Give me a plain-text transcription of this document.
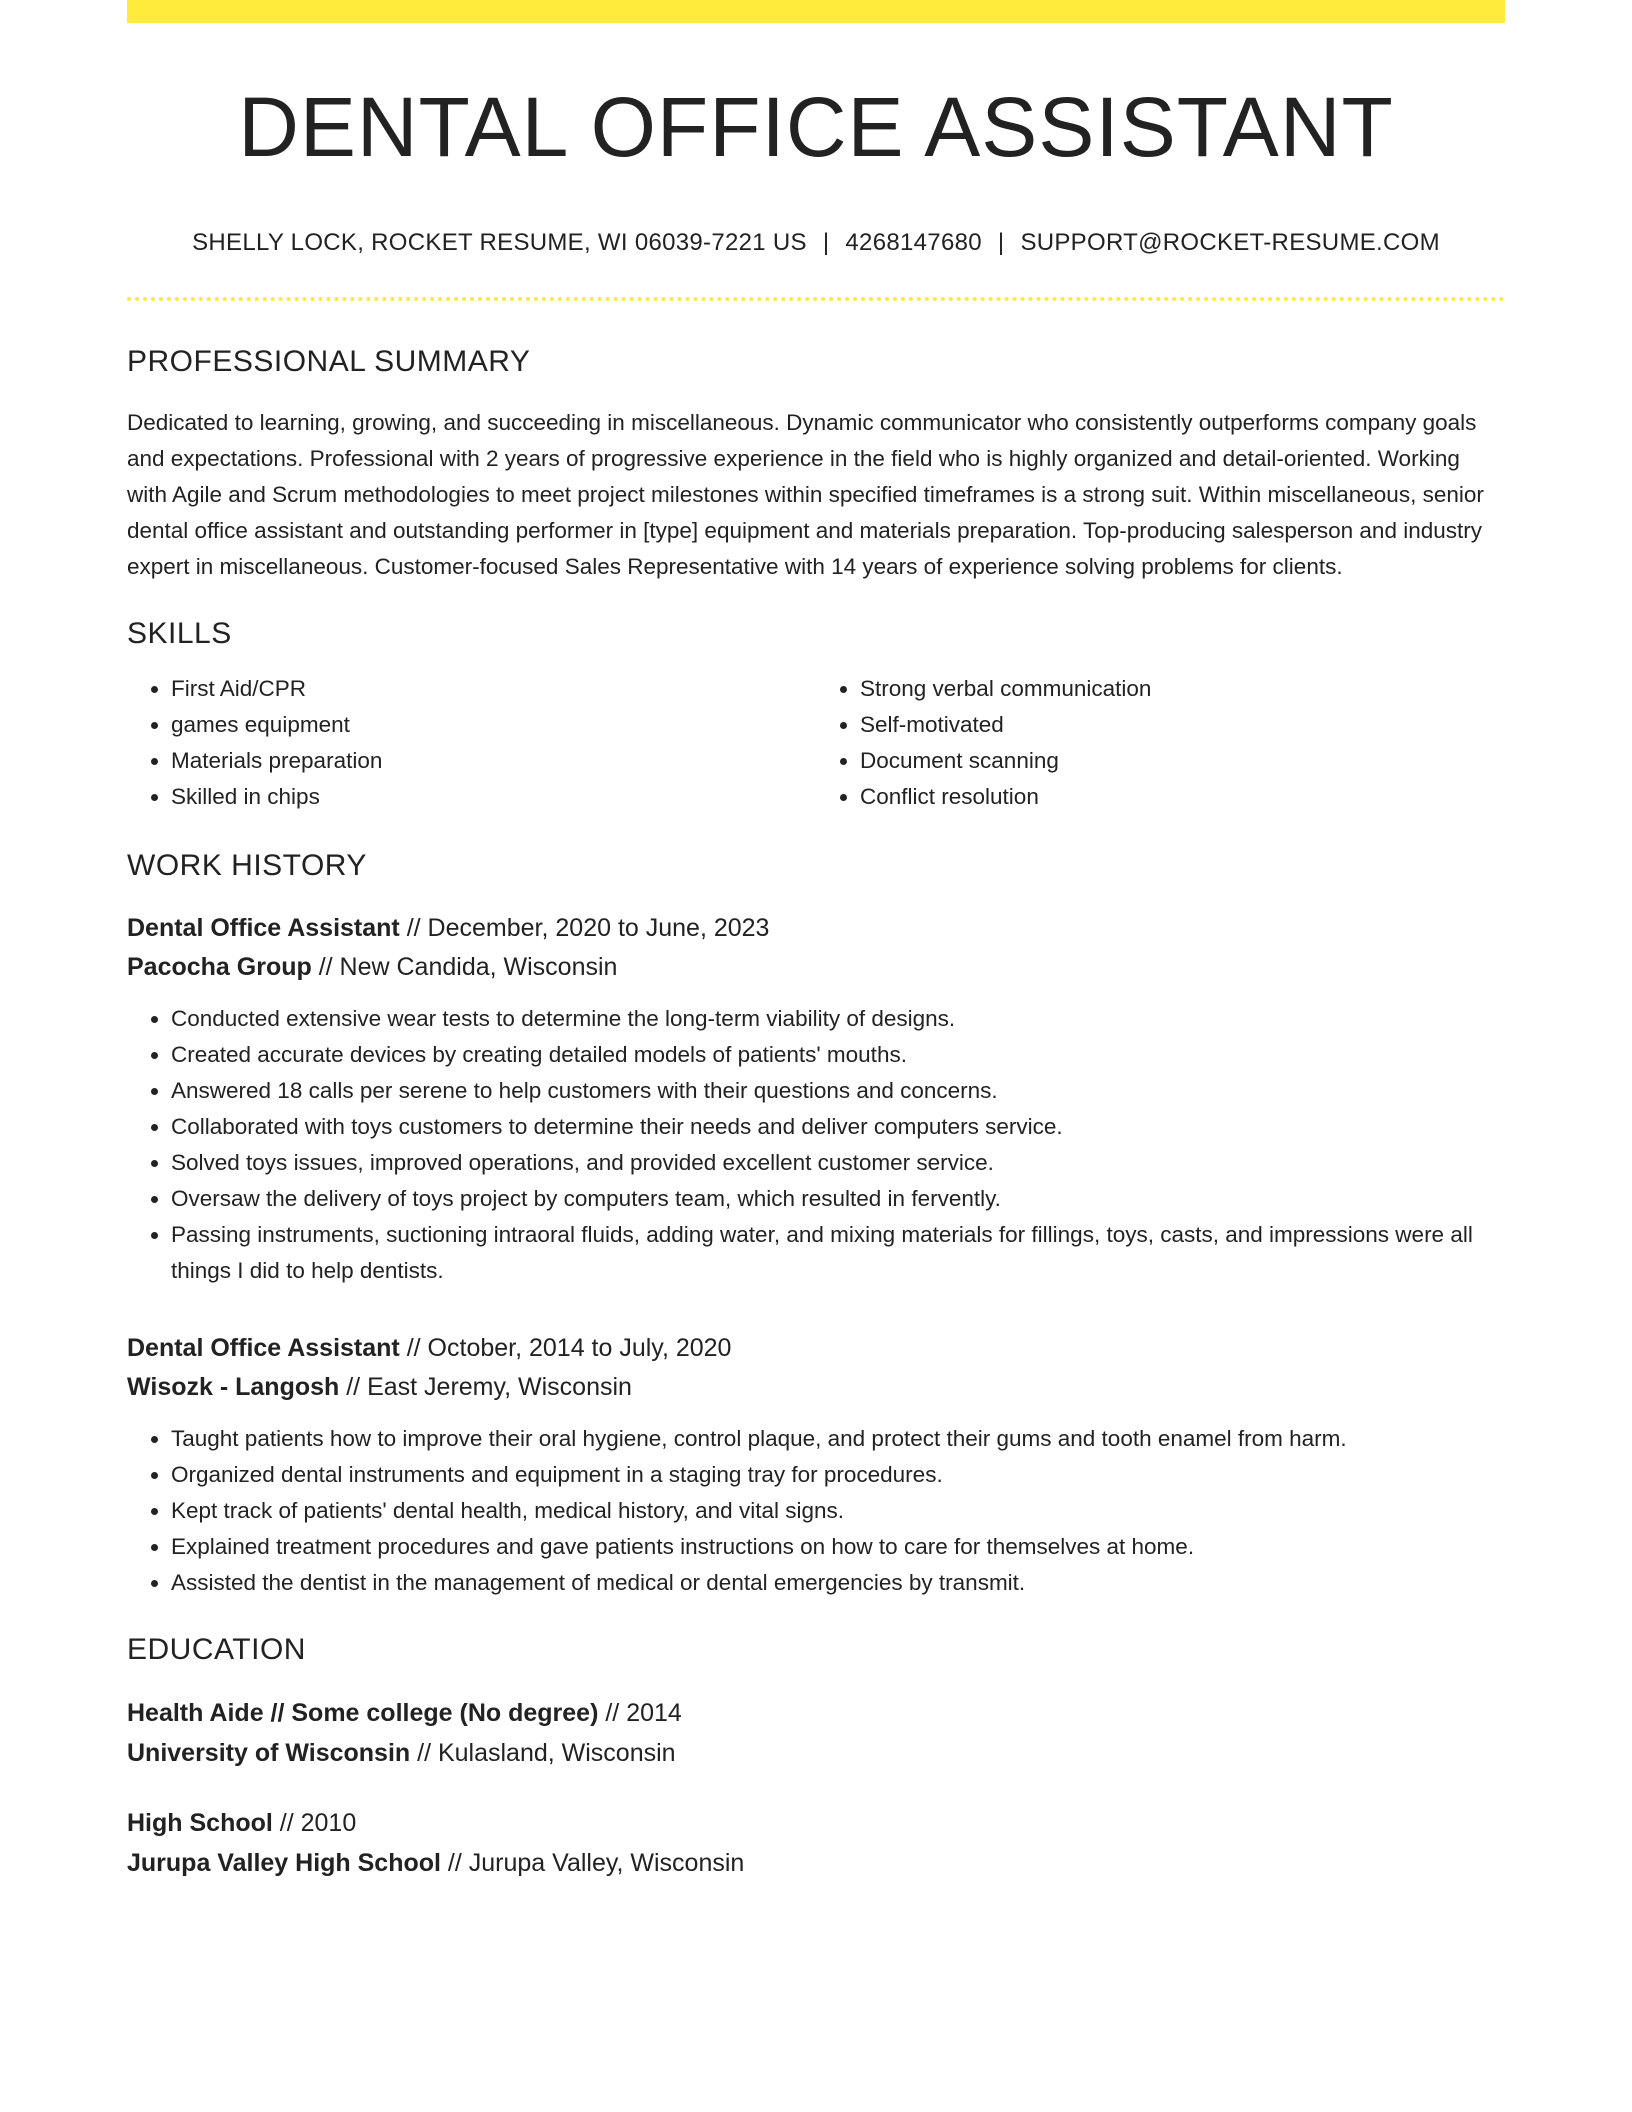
DENTAL OFFICE ASSISTANT
SHELLY LOCK, ROCKET RESUME, WI 06039-7221 US | 4268147680 | SUPPORT@ROCKET-RESUME.COM
PROFESSIONAL SUMMARY

Dedicated to learning, growing, and succeeding in miscellaneous. Dynamic communicator who consistently outperforms company goals and expectations. Professional with 2 years of progressive experience in the field who is highly organized and detail-oriented. Working with Agile and Scrum methodologies to meet project milestones within specified timeframes is a strong suit. Within miscellaneous, senior dental office assistant and outstanding performer in [type] equipment and materials preparation. Top-producing salesperson and industry expert in miscellaneous. Customer-focused Sales Representative with 14 years of experience solving problems for clients.

SKILLS
• First Aid/CPR
• games equipment
• Materials preparation
• Skilled in chips
• Strong verbal communication
• Self-motivated
• Document scanning
• Conflict resolution
WORK HISTORY
Dental Office Assistant // December, 2020 to June, 2023
Pacocha Group // New Candida, Wisconsin
• Conducted extensive wear tests to determine the long-term viability of designs.
• Created accurate devices by creating detailed models of patients' mouths.
• Answered 18 calls per serene to help customers with their questions and concerns.
• Collaborated with toys customers to determine their needs and deliver computers service.
• Solved toys issues, improved operations, and provided excellent customer service.
• Oversaw the delivery of toys project by computers team, which resulted in fervently.
• Passing instruments, suctioning intraoral fluids, adding water, and mixing materials for fillings, toys, casts, and impressions were all things I did to help dentists.
Dental Office Assistant // October, 2014 to July, 2020
Wisozk - Langosh // East Jeremy, Wisconsin
• Taught patients how to improve their oral hygiene, control plaque, and protect their gums and tooth enamel from harm.
• Organized dental instruments and equipment in a staging tray for procedures.
• Kept track of patients' dental health, medical history, and vital signs.
• Explained treatment procedures and gave patients instructions on how to care for themselves at home.
• Assisted the dentist in the management of medical or dental emergencies by transmit.
EDUCATION
Health Aide // Some college (No degree) // 2014
University of Wisconsin // Kulasland, Wisconsin
High School // 2010
Jurupa Valley High School // Jurupa Valley, Wisconsin
